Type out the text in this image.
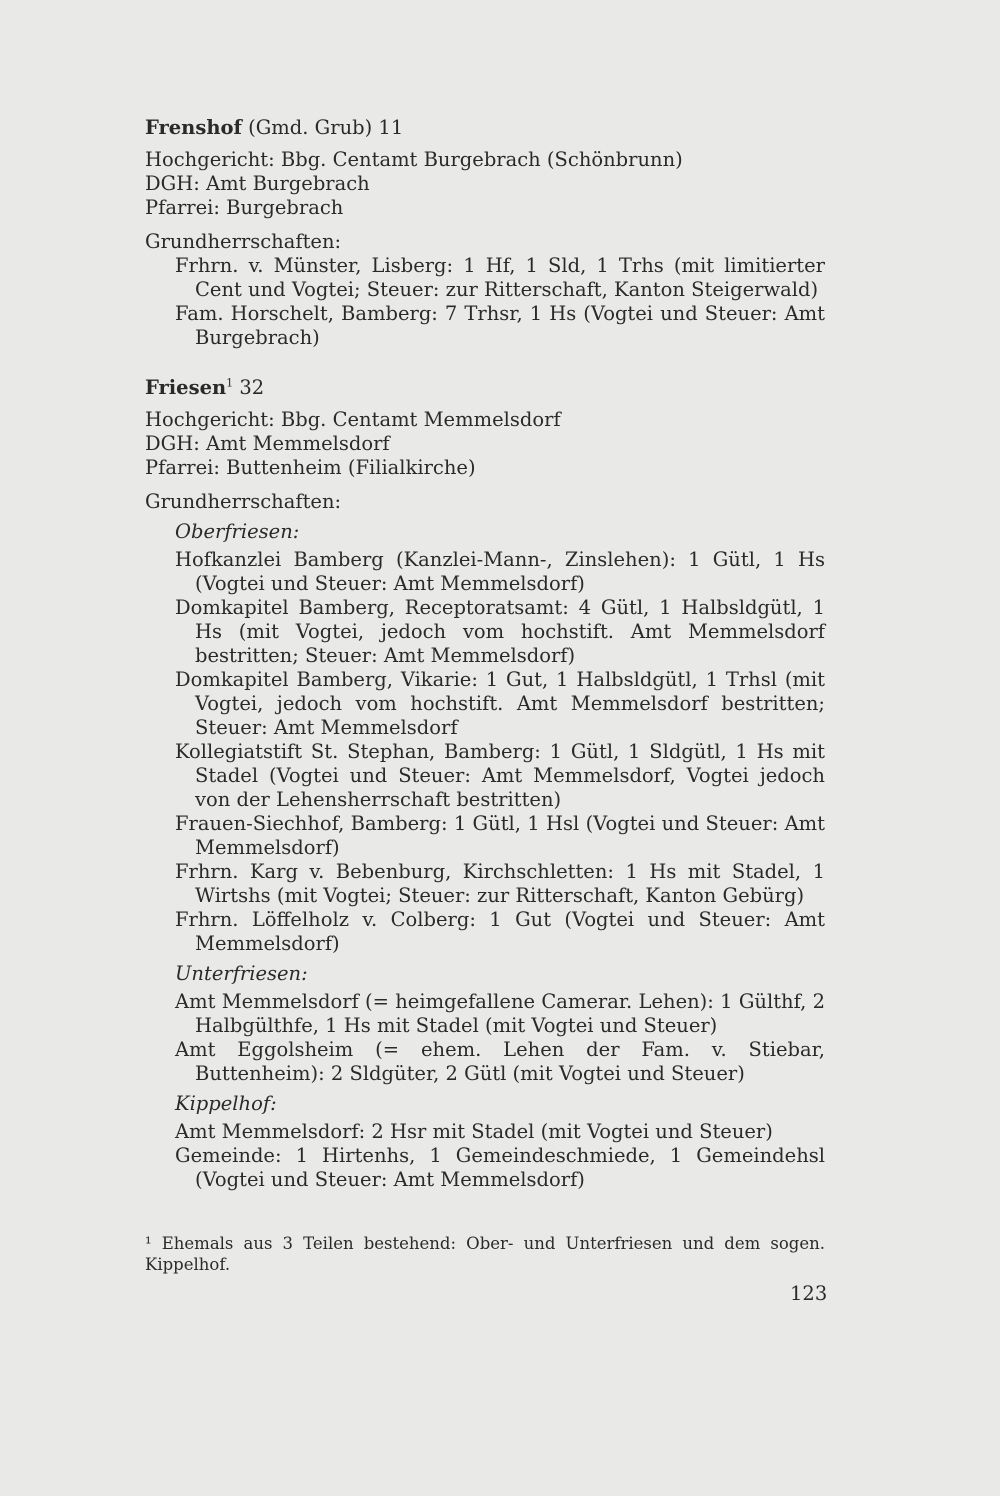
Frenshof (Gmd. Grub) 11

Hochgericht: Bbg. Centamt Burgebrach (Schönbrunn)

DGH: Amt Burgebrach

Pfarrei: Burgebrach

Grundherrschaften:

Frhrn. v. Münster, Lisberg: 1 Hf, 1 Sld, 1 Trhs (mit limitierter Cent und Vogtei; Steuer: zur Ritterschaft, Kanton Steigerwald)

Fam. Horschelt, Bamberg: 7 Trhsr, 1 Hs (Vogtei und Steuer: Amt Burgebrach)

Friesen$^1$ 32

Hochgericht: Bbg. Centamt Memmelsdorf

DGH: Amt Memmelsdorf

Pfarrei: Buttenheim (Filialkirche)

Grundherrschaften:

Oberfriesen:

Hofkanzlei Bamberg (Kanzlei-Mann-, Zinslehen): 1 Gütl, 1 Hs (Vogtei und Steuer: Amt Memmelsdorf)

Domkapitel Bamberg, Receptoratsamt: 4 Gütl, 1 Halbsldgütl, 1 Hs (mit Vogtei, jedoch vom hochstift. Amt Memmelsdorf bestritten; Steuer: Amt Memmelsdorf)

Domkapitel Bamberg, Vikarie: 1 Gut, 1 Halbsldgütl, 1 Trhsl (mit Vogtei, jedoch vom hochstift. Amt Memmelsdorf bestritten; Steuer: Amt Memmelsdorf

Kollegiatstift St. Stephan, Bamberg: 1 Gütl, 1 Sldgütl, 1 Hs mit Stadel (Vogtei und Steuer: Amt Memmelsdorf, Vogtei jedoch von der Lehensherrschaft bestritten)

Frauen-Siechhof, Bamberg: 1 Gütl, 1 Hsl (Vogtei und Steuer: Amt Memmelsdorf)

Frhrn. Karg v. Bebenburg, Kirchschletten: 1 Hs mit Stadel, 1 Wirtshs (mit Vogtei; Steuer: zur Ritterschaft, Kanton Gebürg)

Frhrn. Löffelholz v. Colberg: 1 Gut (Vogtei und Steuer: Amt Memmelsdorf)

Unterfriesen:

Amt Memmelsdorf (= heimgefallene Camerar. Lehen): 1 Gülthf, 2 Halbgülthfe, 1 Hs mit Stadel (mit Vogtei und Steuer)

Amt Eggolsheim (= ehem. Lehen der Fam. v. Stiebar, Buttenheim): 2 Sldgüter, 2 Gütl (mit Vogtei und Steuer)

Kippelhof:

Amt Memmelsdorf: 2 Hsr mit Stadel (mit Vogtei und Steuer)

Gemeinde: 1 Hirtenhs, 1 Gemeindeschmiede, 1 Gemeindehsl (Vogtei und Steuer: Amt Memmelsdorf)

¹ Ehemals aus 3 Teilen bestehend: Ober- und Unterfriesen und dem sogen. Kippelhof.

123
